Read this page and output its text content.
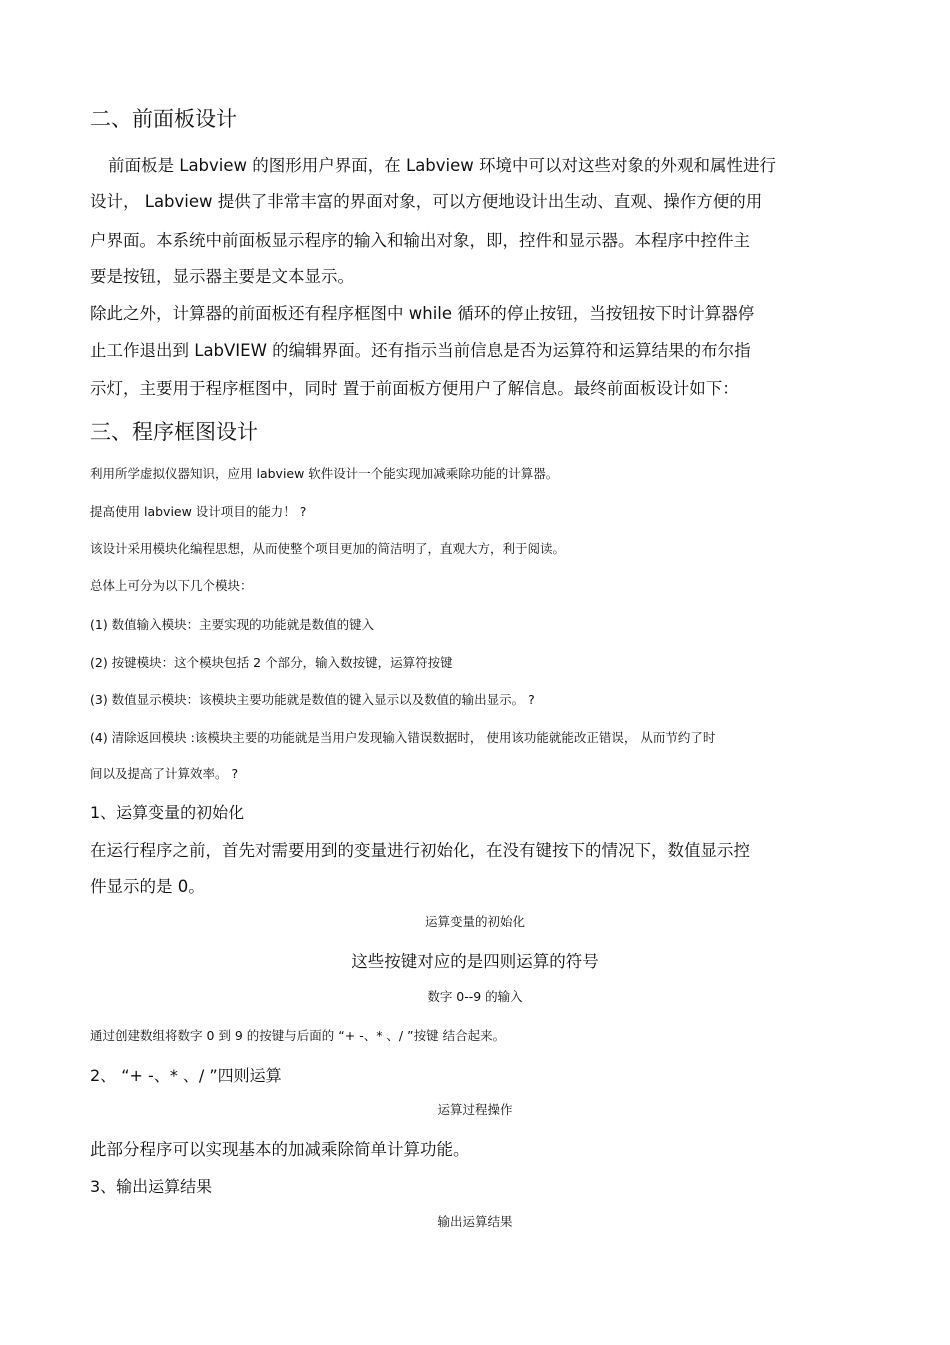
二、前面板设计
前面板是 Labview 的图形用户界面，在 Labview 环境中可以对这些对象的外观和属性进行
设计， Labview 提供了非常丰富的界面对象，可以方便地设计出生动、直观、操作方便的用
户界面。本系统中前面板显示程序的输入和输出对象，即，控件和显示器。本程序中控件主
要是按钮，显示器主要是文本显示。
除此之外，计算器的前面板还有程序框图中 while 循环的停止按钮，当按钮按下时计算器停
止工作退出到 LabVIEW 的编辑界面。还有指示当前信息是否为运算符和运算结果的布尔指
示灯，主要用于程序框图中，同时 置于前面板方便用户了解信息。最终前面板设计如下：
三、程序框图设计
利用所学虚拟仪器知识，应用 labview 软件设计一个能实现加减乘除功能的计算器。
提高使用 labview 设计项目的能力！ ?
该设计采用模块化编程思想，从而使整个项目更加的简洁明了，直观大方，利于阅读。
总体上可分为以下几个模块：
(1) 数值输入模块：主要实现的功能就是数值的键入
(2) 按键模块：这个模块包括 2 个部分，输入数按键，运算符按键
(3) 数值显示模块：该模块主要功能就是数值的键入显示以及数值的输出显示。 ?
(4) 清除返回模块 :该模块主要的功能就是当用户发现输入错误数据时， 使用该功能就能改正错误， 从而节约了时
间以及提高了计算效率。 ?
1、运算变量的初始化
在运行程序之前，首先对需要用到的变量进行初始化，在没有键按下的情况下，数值显示控
件显示的是 0。
运算变量的初始化
这些按键对应的是四则运算的符号
数字 0--9 的输入
通过创建数组将数字 0 到 9 的按键与后面的 “+ -、* 、/ ”按键 结合起来。
2、 “+ -、* 、/ ”四则运算
运算过程操作
此部分程序可以实现基本的加减乘除简单计算功能。
3、输出运算结果
输出运算结果
